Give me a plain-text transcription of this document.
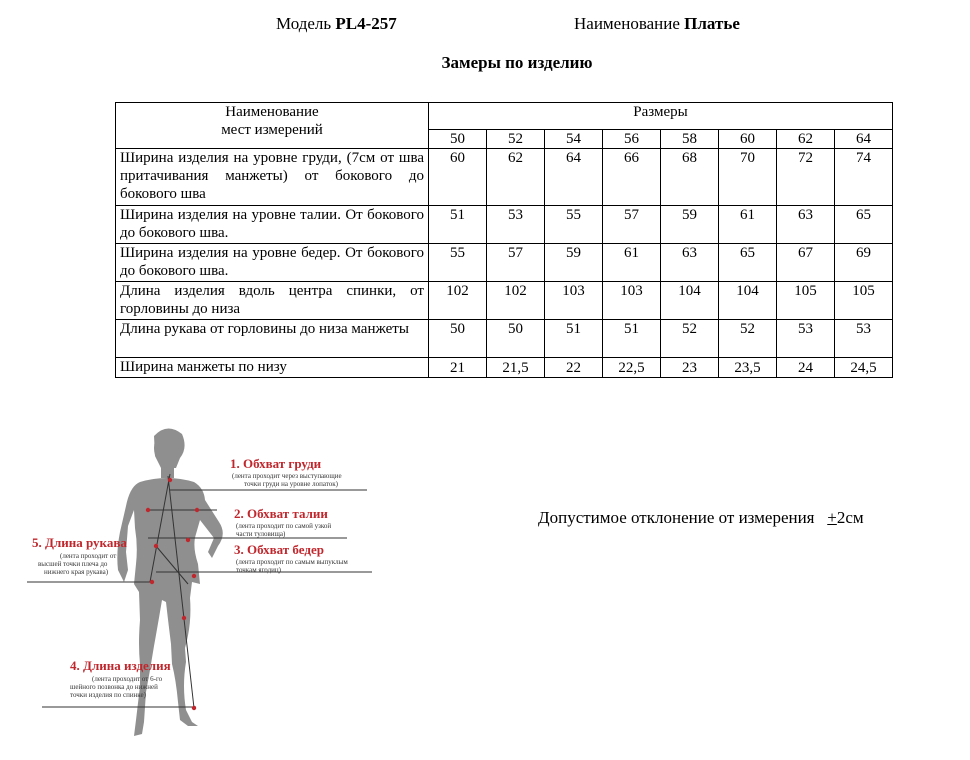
Модель PL4-257	Наименование Платье
Замеры по изделию
Наименование
мест измерений	Размеры							
	50	52	54	56	58	60	62	64
Ширина изделия на уровне груди, (7см от шва притачивания манжеты) от бокового до бокового шва	60	62	64	66	68	70	72	74
Ширина изделия на уровне талии. От бокового до бокового шва.	51	53	55	57	59	61	63	65
Ширина изделия на уровне бедер. От бокового до бокового шва.	55	57	59	61	63	65	67	69
Длина изделия вдоль центра спинки, от горловины до низа	102	102	103	103	104	104	105	105
Длина рукава от горловины до низа манжеты	50	50	51	51	52	52	53	53
Ширина манжеты по низу	21	21,5	22	22,5	23	23,5	24	24,5
Допустимое отклонение от измерения +2см
1. Обхват груди
(лента проходит через выступающие
точки груди на уровне лопаток)
2. Обхват талии
(лента проходит по самой узкой
части туловища)
3. Обхват бедер
(лента проходит по самым выпуклым
точкам ягодиц)
5. Длина рукава
(лента проходит от
высшей точки плеча до
нижнего края рукава)
4. Длина изделия
(лента проходит от 6-го
шейного позвонка до нижней
точки изделия по спинке)
